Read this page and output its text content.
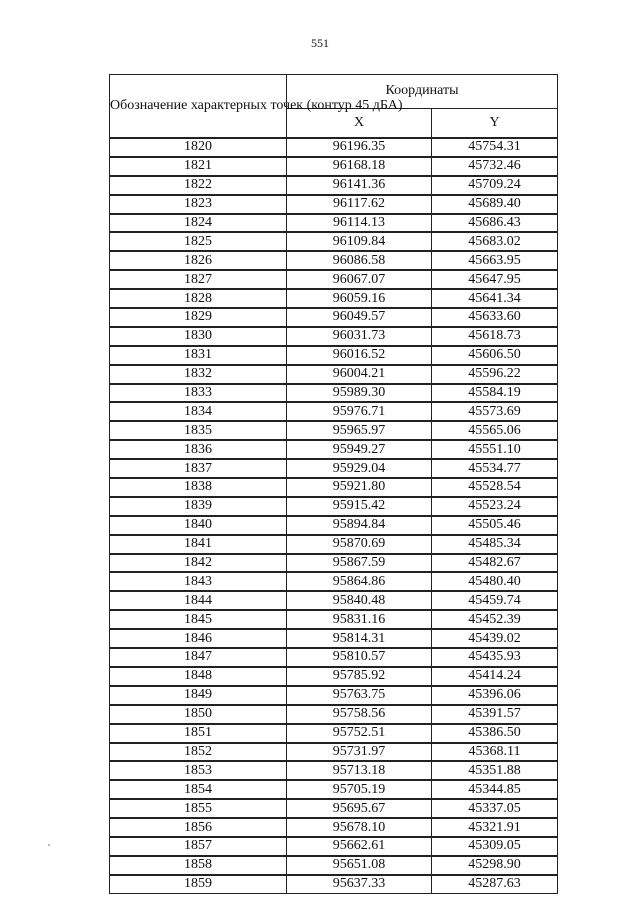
551
Обозначение характерных точек (контур 45 дБА)	Координаты	
	X	Y
1820	96196.35	45754.31
1821	96168.18	45732.46
1822	96141.36	45709.24
1823	96117.62	45689.40
1824	96114.13	45686.43
1825	96109.84	45683.02
1826	96086.58	45663.95
1827	96067.07	45647.95
1828	96059.16	45641.34
1829	96049.57	45633.60
1830	96031.73	45618.73
1831	96016.52	45606.50
1832	96004.21	45596.22
1833	95989.30	45584.19
1834	95976.71	45573.69
1835	95965.97	45565.06
1836	95949.27	45551.10
1837	95929.04	45534.77
1838	95921.80	45528.54
1839	95915.42	45523.24
1840	95894.84	45505.46
1841	95870.69	45485.34
1842	95867.59	45482.67
1843	95864.86	45480.40
1844	95840.48	45459.74
1845	95831.16	45452.39
1846	95814.31	45439.02
1847	95810.57	45435.93
1848	95785.92	45414.24
1849	95763.75	45396.06
1850	95758.56	45391.57
1851	95752.51	45386.50
1852	95731.97	45368.11
1853	95713.18	45351.88
1854	95705.19	45344.85
1855	95695.67	45337.05
1856	95678.10	45321.91
1857	95662.61	45309.05
1858	95651.08	45298.90
1859	95637.33	45287.63
